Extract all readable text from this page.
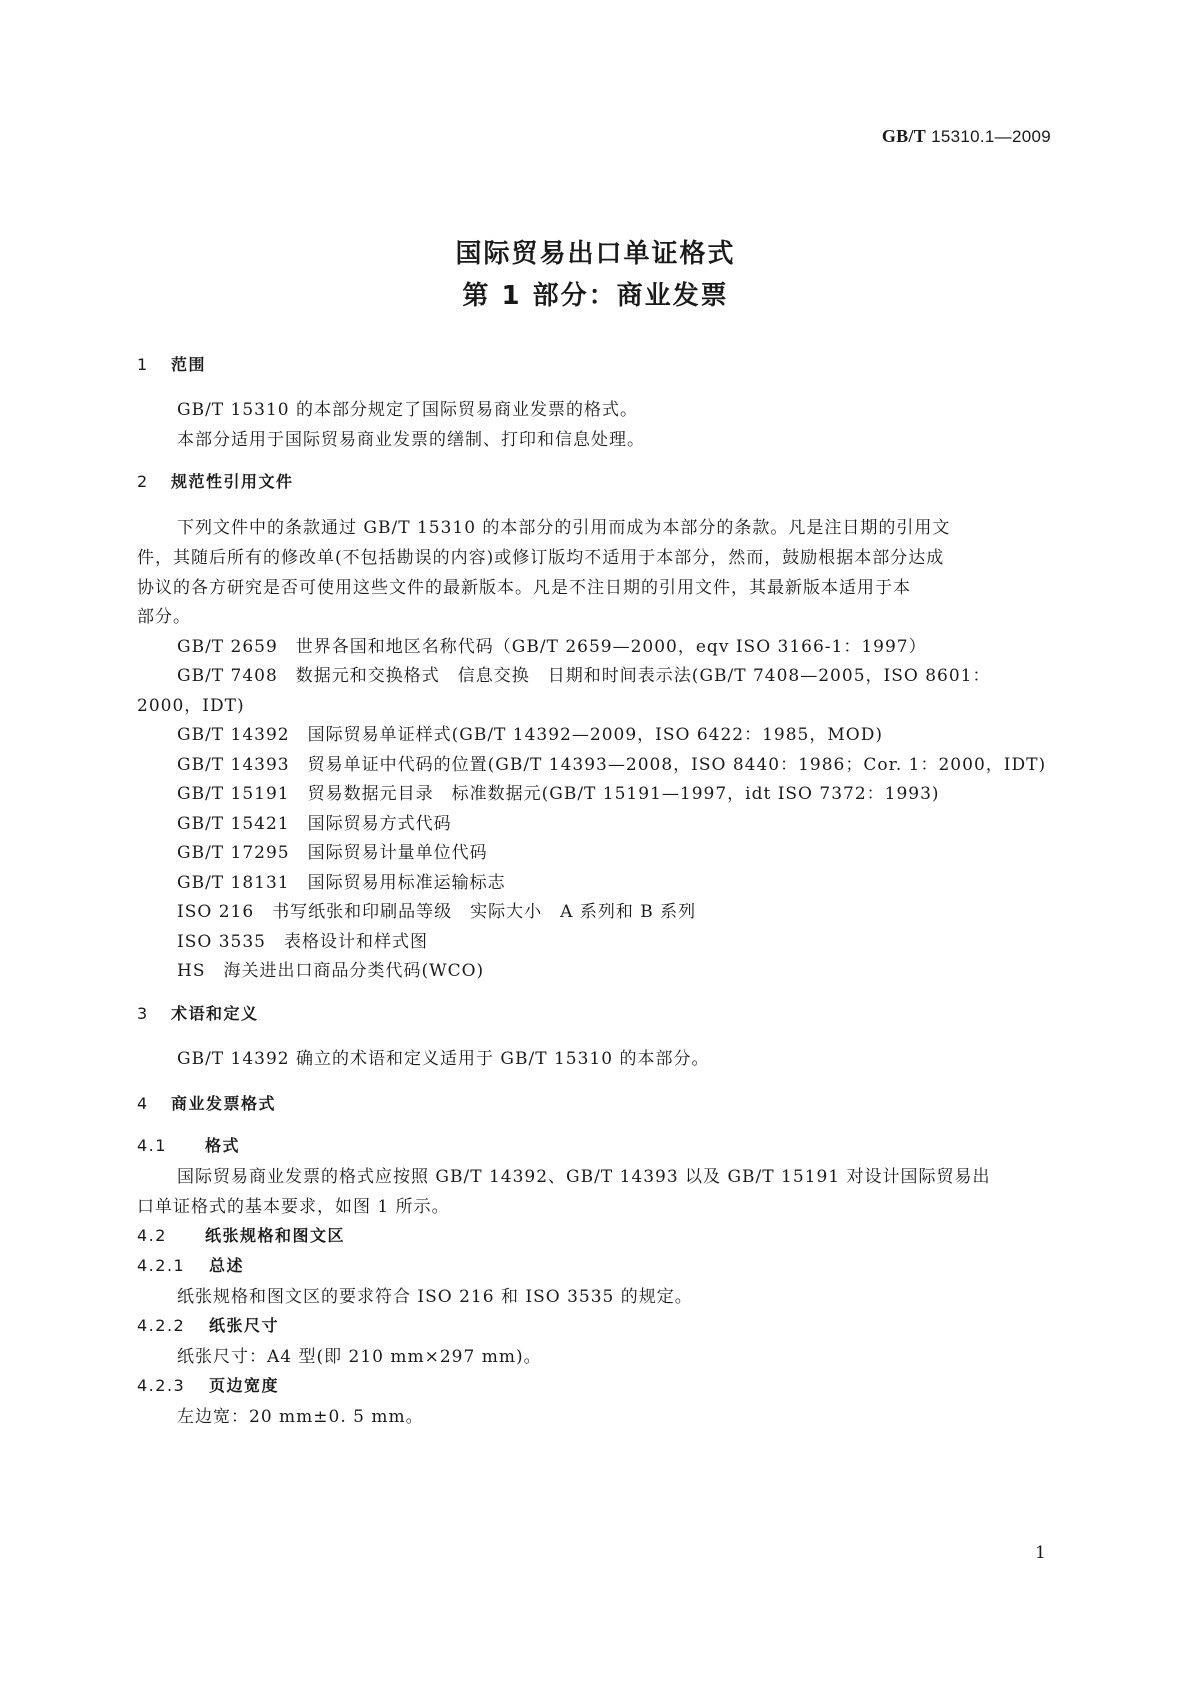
GB/T 15310.1—2009
国际贸易出口单证格式
第 1 部分：商业发票
1 范围
GB/T 15310 的本部分规定了国际贸易商业发票的格式。
本部分适用于国际贸易商业发票的缮制、打印和信息处理。
2 规范性引用文件
下列文件中的条款通过 GB/T 15310 的本部分的引用而成为本部分的条款。凡是注日期的引用文
件，其随后所有的修改单(不包括勘误的内容)或修订版均不适用于本部分，然而，鼓励根据本部分达成
协议的各方研究是否可使用这些文件的最新版本。凡是不注日期的引用文件，其最新版本适用于本
部分。
GB/T 2659　世界各国和地区名称代码（GB/T 2659—2000，eqv ISO 3166-1：1997）
GB/T 7408　数据元和交换格式　信息交换　日期和时间表示法(GB/T 7408—2005，ISO 8601：
2000，IDT)
GB/T 14392　国际贸易单证样式(GB/T 14392—2009，ISO 6422：1985，MOD)
GB/T 14393　贸易单证中代码的位置(GB/T 14393—2008，ISO 8440：1986；Cor. 1：2000，IDT)
GB/T 15191　贸易数据元目录　标准数据元(GB/T 15191—1997，idt ISO 7372：1993)
GB/T 15421　国际贸易方式代码
GB/T 17295　国际贸易计量单位代码
GB/T 18131　国际贸易用标准运输标志
ISO 216　书写纸张和印刷品等级　实际大小　A 系列和 B 系列
ISO 3535　表格设计和样式图
HS　海关进出口商品分类代码(WCO)
3 术语和定义
GB/T 14392 确立的术语和定义适用于 GB/T 15310 的本部分。
4 商业发票格式
4.1 格式
国际贸易商业发票的格式应按照 GB/T 14392、GB/T 14393 以及 GB/T 15191 对设计国际贸易出
口单证格式的基本要求，如图 1 所示。
4.2 纸张规格和图文区
4.2.1 总述
纸张规格和图文区的要求符合 ISO 216 和 ISO 3535 的规定。
4.2.2 纸张尺寸
纸张尺寸：A4 型(即 210 mm×297 mm)。
4.2.3 页边宽度
左边宽：20 mm±0. 5 mm。
1
